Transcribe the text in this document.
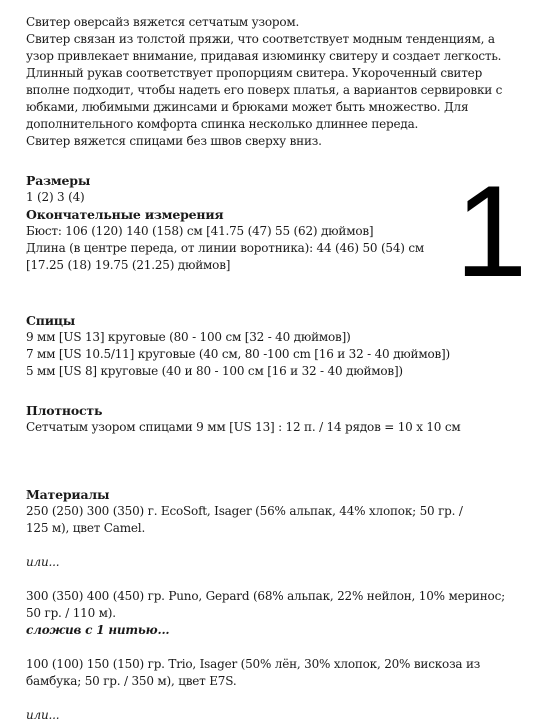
Свитер оверсайз вяжется сетчатым узором.
Свитер связан из толстой пряжи, что соответствует модным тенденциям, а
узор привлекает внимание, придавая изюминку свитеру и создает легкость.
Длинный рукав соответствует пропорциям свитера. Укороченный свитер
вполне подходит, чтобы надеть его поверх платья, а вариантов сервировки с
юбками, любимыми джинсами и брюками может быть множество. Для
дополнительного комфорта спинка несколько длиннее переда.
Свитер вяжется спицами без швов сверху вниз.
Размеры
1 (2) 3 (4)
Окончательные измерения
Бюст: 106 (120) 140 (158) см [41.75 (47) 55 (62) дюймов]
Длина (в центре переда, от линии воротника): 44 (46) 50 (54) см
[17.25 (18) 19.75 (21.25) дюймов]
Спицы
9 мм [US 13] круговые (80 - 100 см [32 - 40 дюймов])
7 мм [US 10.5/11] круговые (40 см, 80 -100 cm [16 и 32 - 40 дюймов])
5 мм [US 8] круговые (40 и 80 - 100 см [16 и 32 - 40 дюймов])
Плотность
Сетчатым узором спицами 9 мм [US 13] : 12 п. / 14 рядов = 10 х 10 см
Материалы
250 (250) 300 (350) г. EcoSoft, Isager (56% альпак, 44% хлопок; 50 гр. /
125 м), цвет Camel.
или...
300 (350) 400 (450) гр. Puno, Gepard (68% альпак, 22% нейлон, 10% меринос;
50 гр. / 110 м).
сложив с 1 нитью...
100 (100) 150 (150) гр. Trio, Isager (50% лён, 30% хлопок, 20% вискоза из
бамбука; 50 гр. / 350 м), цвет E7S.
или...
1
